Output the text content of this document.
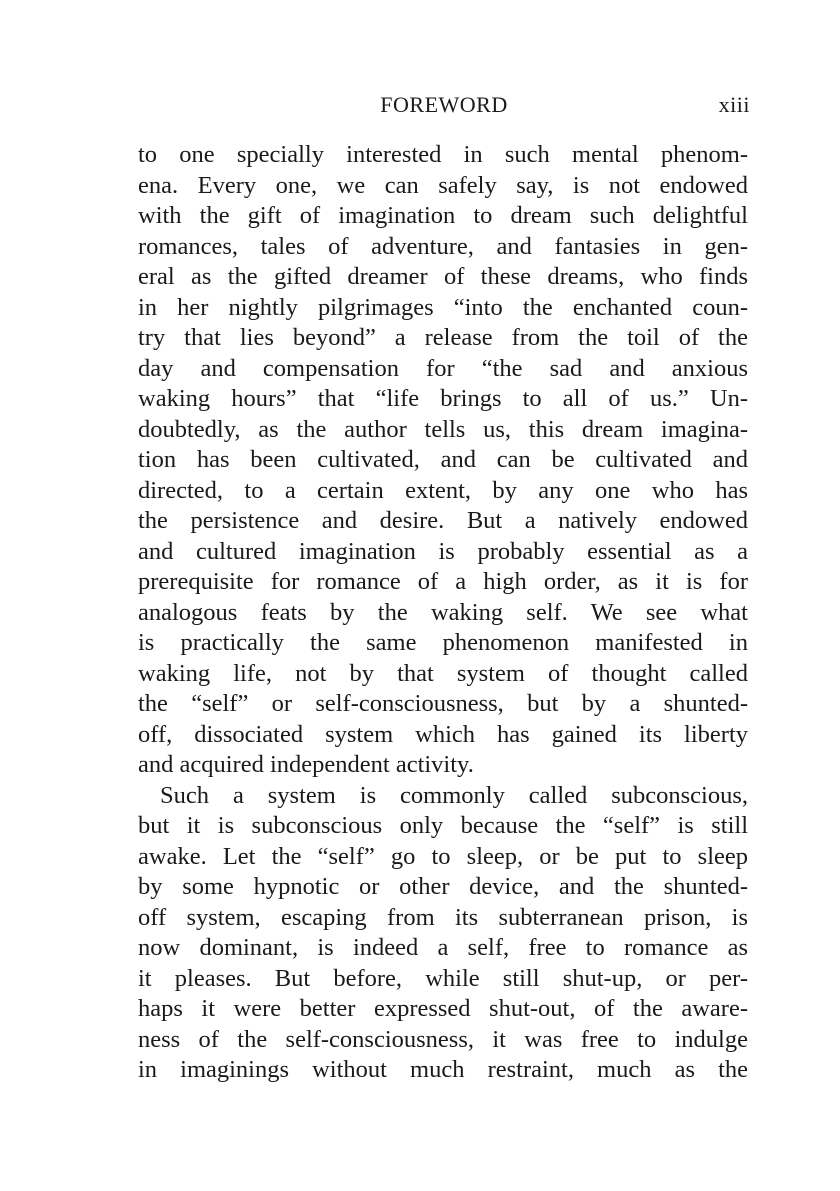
FOREWORD	xiii
to one specially interested in such mental phenom-
ena. Every one, we can safely say, is not endowed
with the gift of imagination to dream such delightful
romances, tales of adventure, and fantasies in gen-
eral as the gifted dreamer of these dreams, who finds
in her nightly pilgrimages “into the enchanted coun-
try that lies beyond” a release from the toil of the
day and compensation for “the sad and anxious
waking hours” that “life brings to all of us.” Un-
doubtedly, as the author tells us, this dream imagina-
tion has been cultivated, and can be cultivated and
directed, to a certain extent, by any one who has
the persistence and desire. But a natively endowed
and cultured imagination is probably essential as a
prerequisite for romance of a high order, as it is for
analogous feats by the waking self. We see what
is practically the same phenomenon manifested in
waking life, not by that system of thought called
the “self” or self-consciousness, but by a shunted-
off, dissociated system which has gained its liberty
and acquired independent activity.
Such a system is commonly called subconscious,
but it is subconscious only because the “self” is still
awake. Let the “self” go to sleep, or be put to sleep
by some hypnotic or other device, and the shunted-
off system, escaping from its subterranean prison, is
now dominant, is indeed a self, free to romance as
it pleases. But before, while still shut-up, or per-
haps it were better expressed shut-out, of the aware-
ness of the self-consciousness, it was free to indulge
in imaginings without much restraint, much as the
